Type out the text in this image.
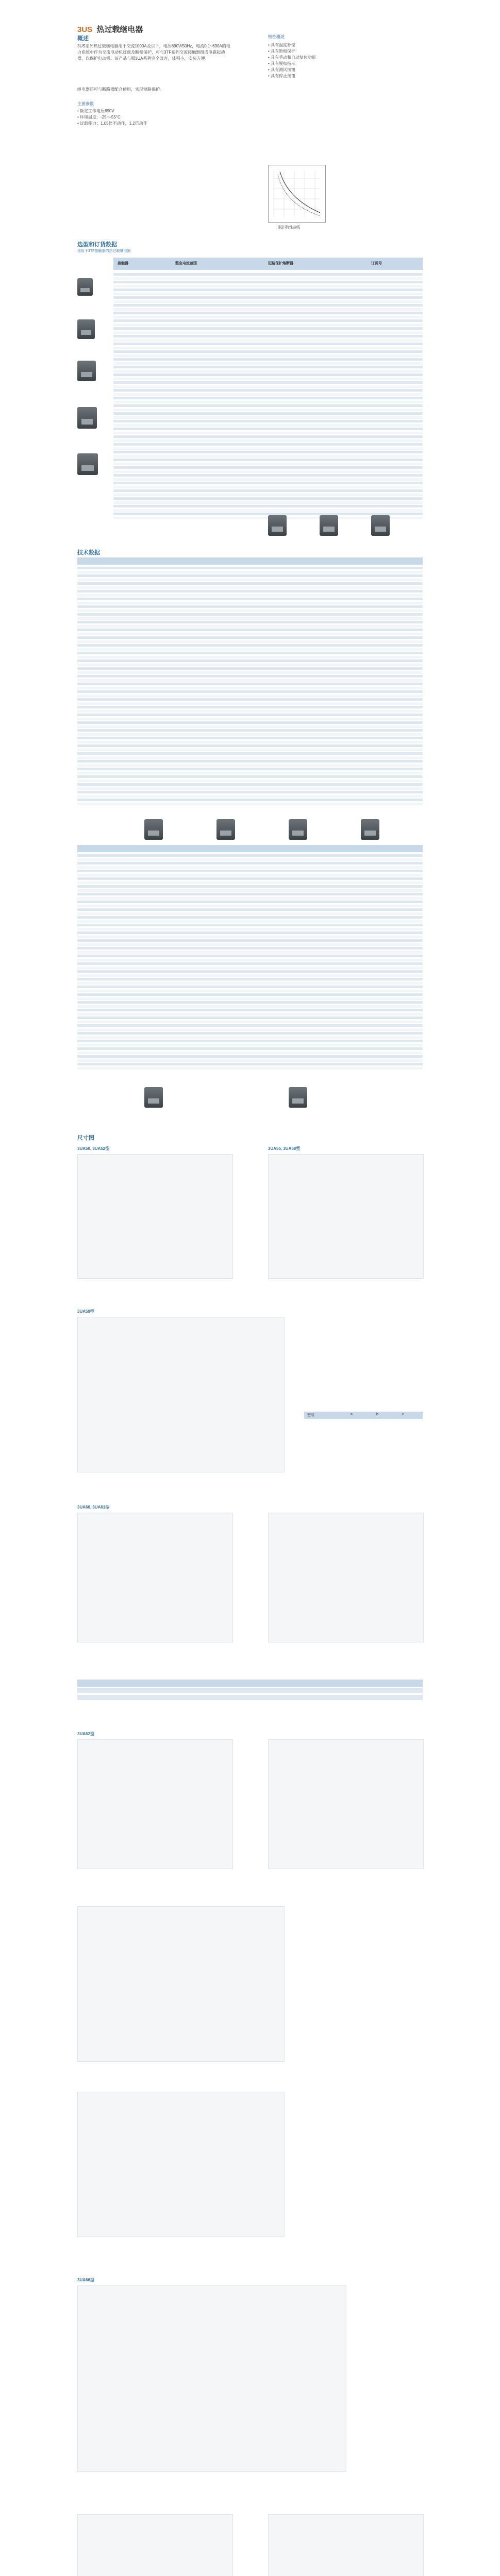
3US 热过载继电器
概述
3US系列热过载继电器用于交流1000A及以下，电压690V/50Hz，电流0.1~630A的电力系统中作为交流电动机过载及断相保护，可与3TF系列交流接触器组成电磁起动器，以保护电动机。该产品与原3UA系列完全兼容，体积小，安装方便。
继电器还可与断路器配合使用，实现短路保护。
主要参数
• 额定工作电压690V
• 环境温度：-25~+55°C
• 过载能力：1.05倍不动作，1.2倍动作
特性概述
• 具有温度补偿
• 具有断相保护
• 具有手动和自动复位功能
• 具有脱扣指示
• 具有测试按钮
• 具有停止按钮
脱扣特性曲线
选型和订货数据
适用于3TF接触器的热过载继电器
接触器	整定电流范围	短路保护熔断器	订货号
技术数据
尺寸图
3UA50, 3UA52型	3UA55, 3UA58型
3UA59型
型号	a	b	c
3UA60, 3UA61型
3UA62型
3UA66型
